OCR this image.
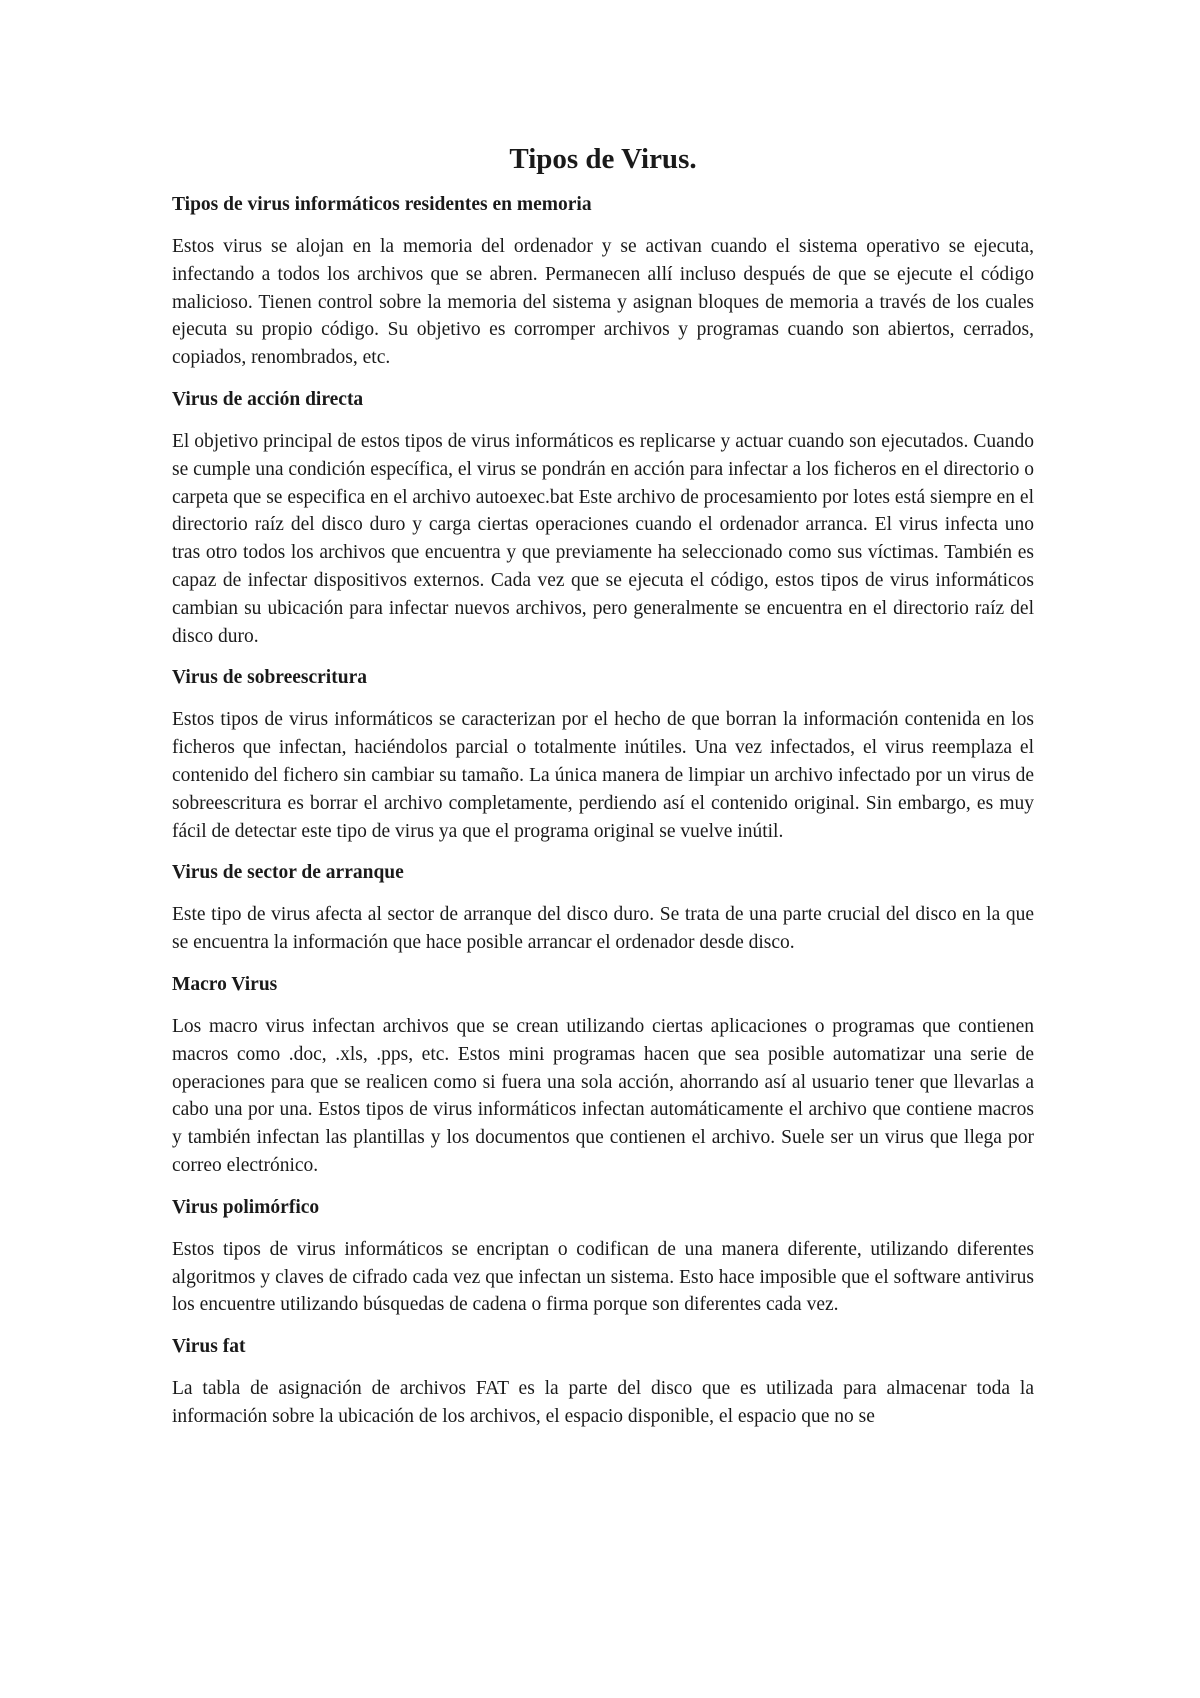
Tipos de Virus.
Tipos de virus informáticos residentes en memoria

Estos virus se alojan en la memoria del ordenador y se activan cuando el sistema operativo se ejecuta, infectando a todos los archivos que se abren. Permanecen allí incluso después de que se ejecute el código malicioso. Tienen control sobre la memoria del sistema y asignan bloques de memoria a través de los cuales ejecuta su propio código. Su objetivo es corromper archivos y programas cuando son abiertos, cerrados, copiados, renombrados, etc.

Virus de acción directa

El objetivo principal de estos tipos de virus informáticos es replicarse y actuar cuando son ejecutados. Cuando se cumple una condición específica, el virus se pondrán en acción para infectar a los ficheros en el directorio o carpeta que se especifica en el archivo autoexec.bat Este archivo de procesamiento por lotes está siempre en el directorio raíz del disco duro y carga ciertas operaciones cuando el ordenador arranca. El virus infecta uno tras otro todos los archivos que encuentra y que previamente ha seleccionado como sus víctimas. También es capaz de infectar dispositivos externos. Cada vez que se ejecuta el código, estos tipos de virus informáticos cambian su ubicación para infectar nuevos archivos, pero generalmente se encuentra en el directorio raíz del disco duro.

Virus de sobreescritura

Estos tipos de virus informáticos se caracterizan por el hecho de que borran la información contenida en los ficheros que infectan, haciéndolos parcial o totalmente inútiles. Una vez infectados, el virus reemplaza el contenido del fichero sin cambiar su tamaño. La única manera de limpiar un archivo infectado por un virus de sobreescritura es borrar el archivo completamente, perdiendo así el contenido original. Sin embargo, es muy fácil de detectar este tipo de virus ya que el programa original se vuelve inútil.

Virus de sector de arranque

Este tipo de virus afecta al sector de arranque del disco duro. Se trata de una parte crucial del disco en la que se encuentra la información que hace posible arrancar el ordenador desde disco.

Macro Virus

Los macro virus infectan archivos que se crean utilizando ciertas aplicaciones o programas que contienen macros como .doc, .xls, .pps, etc. Estos mini programas hacen que sea posible automatizar una serie de operaciones para que se realicen como si fuera una sola acción, ahorrando así al usuario tener que llevarlas a cabo una por una. Estos tipos de virus informáticos infectan automáticamente el archivo que contiene macros y también infectan las plantillas y los documentos que contienen el archivo. Suele ser un virus que llega por correo electrónico.

Virus polimórfico

Estos tipos de virus informáticos se encriptan o codifican de una manera diferente, utilizando diferentes algoritmos y claves de cifrado cada vez que infectan un sistema. Esto hace imposible que el software antivirus los encuentre utilizando búsquedas de cadena o firma porque son diferentes cada vez.

Virus fat

La tabla de asignación de archivos FAT es la parte del disco que es utilizada para almacenar toda la información sobre la ubicación de los archivos, el espacio disponible, el espacio que no se
